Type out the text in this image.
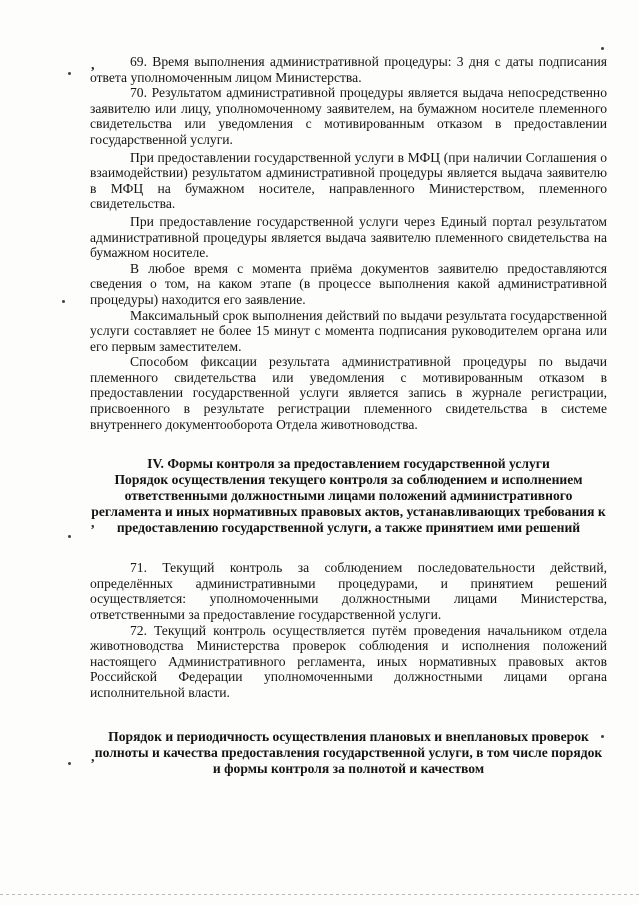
,
,
,

69. Время выполнения административной процедуры: 3 дня с даты подписания ответа уполномоченным лицом Министерства.

70. Результатом административной процедуры является выдача непосредственно заявителю или лицу, уполномоченному заявителем, на бумажном носителе племенного свидетельства или уведомления с мотивированным отказом в предоставлении государственной услуги.

При предоставлении государственной услуги в МФЦ (при наличии Соглашения о взаимодействии) результатом административной процедуры является выдача заявителю в МФЦ на бумажном носителе, направленного Министерством, племенного свидетельства.

При предоставление государственной услуги через Единый портал результатом административной процедуры является выдача заявителю племенного свидетельства на бумажном носителе.

В любое время с момента приёма документов заявителю предоставляются сведения о том, на каком этапе (в процессе выполнения какой административной процедуры) находится его заявление.

Максимальный срок выполнения действий по выдачи результата государственной услуги составляет не более 15 минут с момента подписания руководителем органа или его первым заместителем.

Способом фиксации результата административной процедуры по выдачи племенного свидетельства или уведомления с мотивированным отказом в предоставлении государственной услуги является запись в журнале регистрации, присвоенного в результате регистрации племенного свидетельства в системе внутреннего документооборота Отдела животноводства.

IV. Формы контроля за предоставлением государственной услуги
Порядок осуществления текущего контроля за соблюдением и исполнением ответственными должностными лицами положений административного регламента и иных нормативных правовых актов, устанавливающих требования к предоставлению государственной услуги, а также принятием ими решений

71. Текущий контроль за соблюдением последовательности действий, определённых административными процедурами, и принятием решений осуществляется: уполномоченными должностными лицами Министерства, ответственными за предоставление государственной услуги.

72. Текущий контроль осуществляется путём проведения начальником отдела животноводства Министерства проверок соблюдения и исполнения положений настоящего Административного регламента, иных нормативных правовых актов Российской Федерации уполномоченными должностными лицами органа исполнительной власти.

Порядок и периодичность осуществления плановых и внеплановых проверок полноты и качества предоставления государственной услуги, в том числе порядок и формы контроля за полнотой и качеством
